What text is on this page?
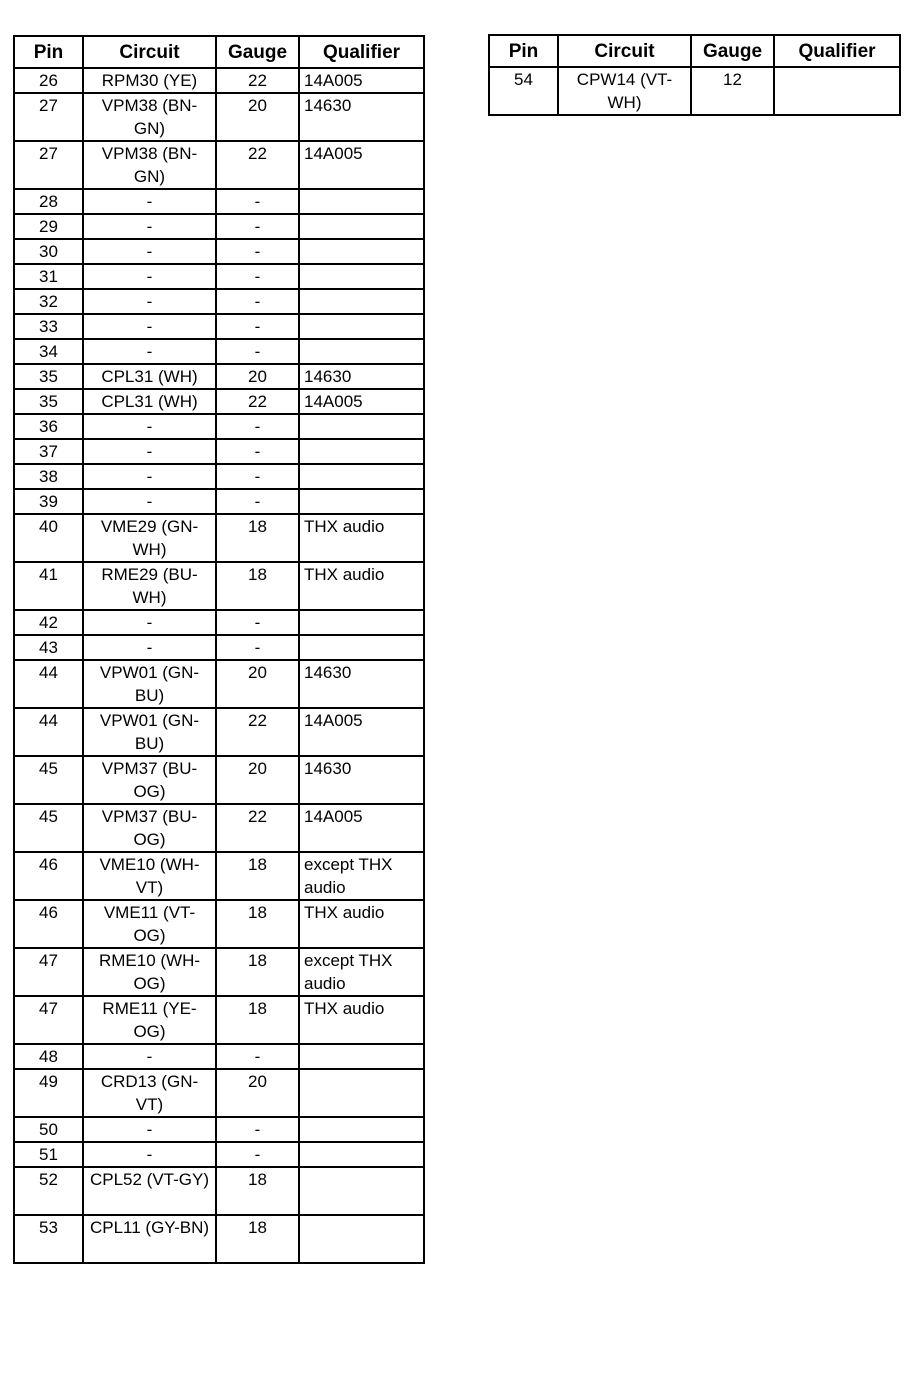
Pin	Circuit	Gauge	Qualifier
26	RPM30 (YE)	22	14A005
27	VPM38 (BN-GN)	20	14630
27	VPM38 (BN-GN)	22	14A005
28	-	-	
29	-	-	
30	-	-	
31	-	-	
32	-	-	
33	-	-	
34	-	-	
35	CPL31 (WH)	20	14630
35	CPL31 (WH)	22	14A005
36	-	-	
37	-	-	
38	-	-	
39	-	-	
40	VME29 (GN-WH)	18	THX audio
41	RME29 (BU-WH)	18	THX audio
42	-	-	
43	-	-	
44	VPW01 (GN-BU)	20	14630
44	VPW01 (GN-BU)	22	14A005
45	VPM37 (BU-OG)	20	14630
45	VPM37 (BU-OG)	22	14A005
46	VME10 (WH-VT)	18	except THX audio
46	VME11 (VT-OG)	18	THX audio
47	RME10 (WH-OG)	18	except THX audio
47	RME11 (YE-OG)	18	THX audio
48	-	-	
49	CRD13 (GN-VT)	20	
50	-	-	
51	-	-	
52	CPL52 (VT-GY)	18	
53	CPL11 (GY-BN)	18	
Pin	Circuit	Gauge	Qualifier
54	CPW14 (VT-WH)	12	
